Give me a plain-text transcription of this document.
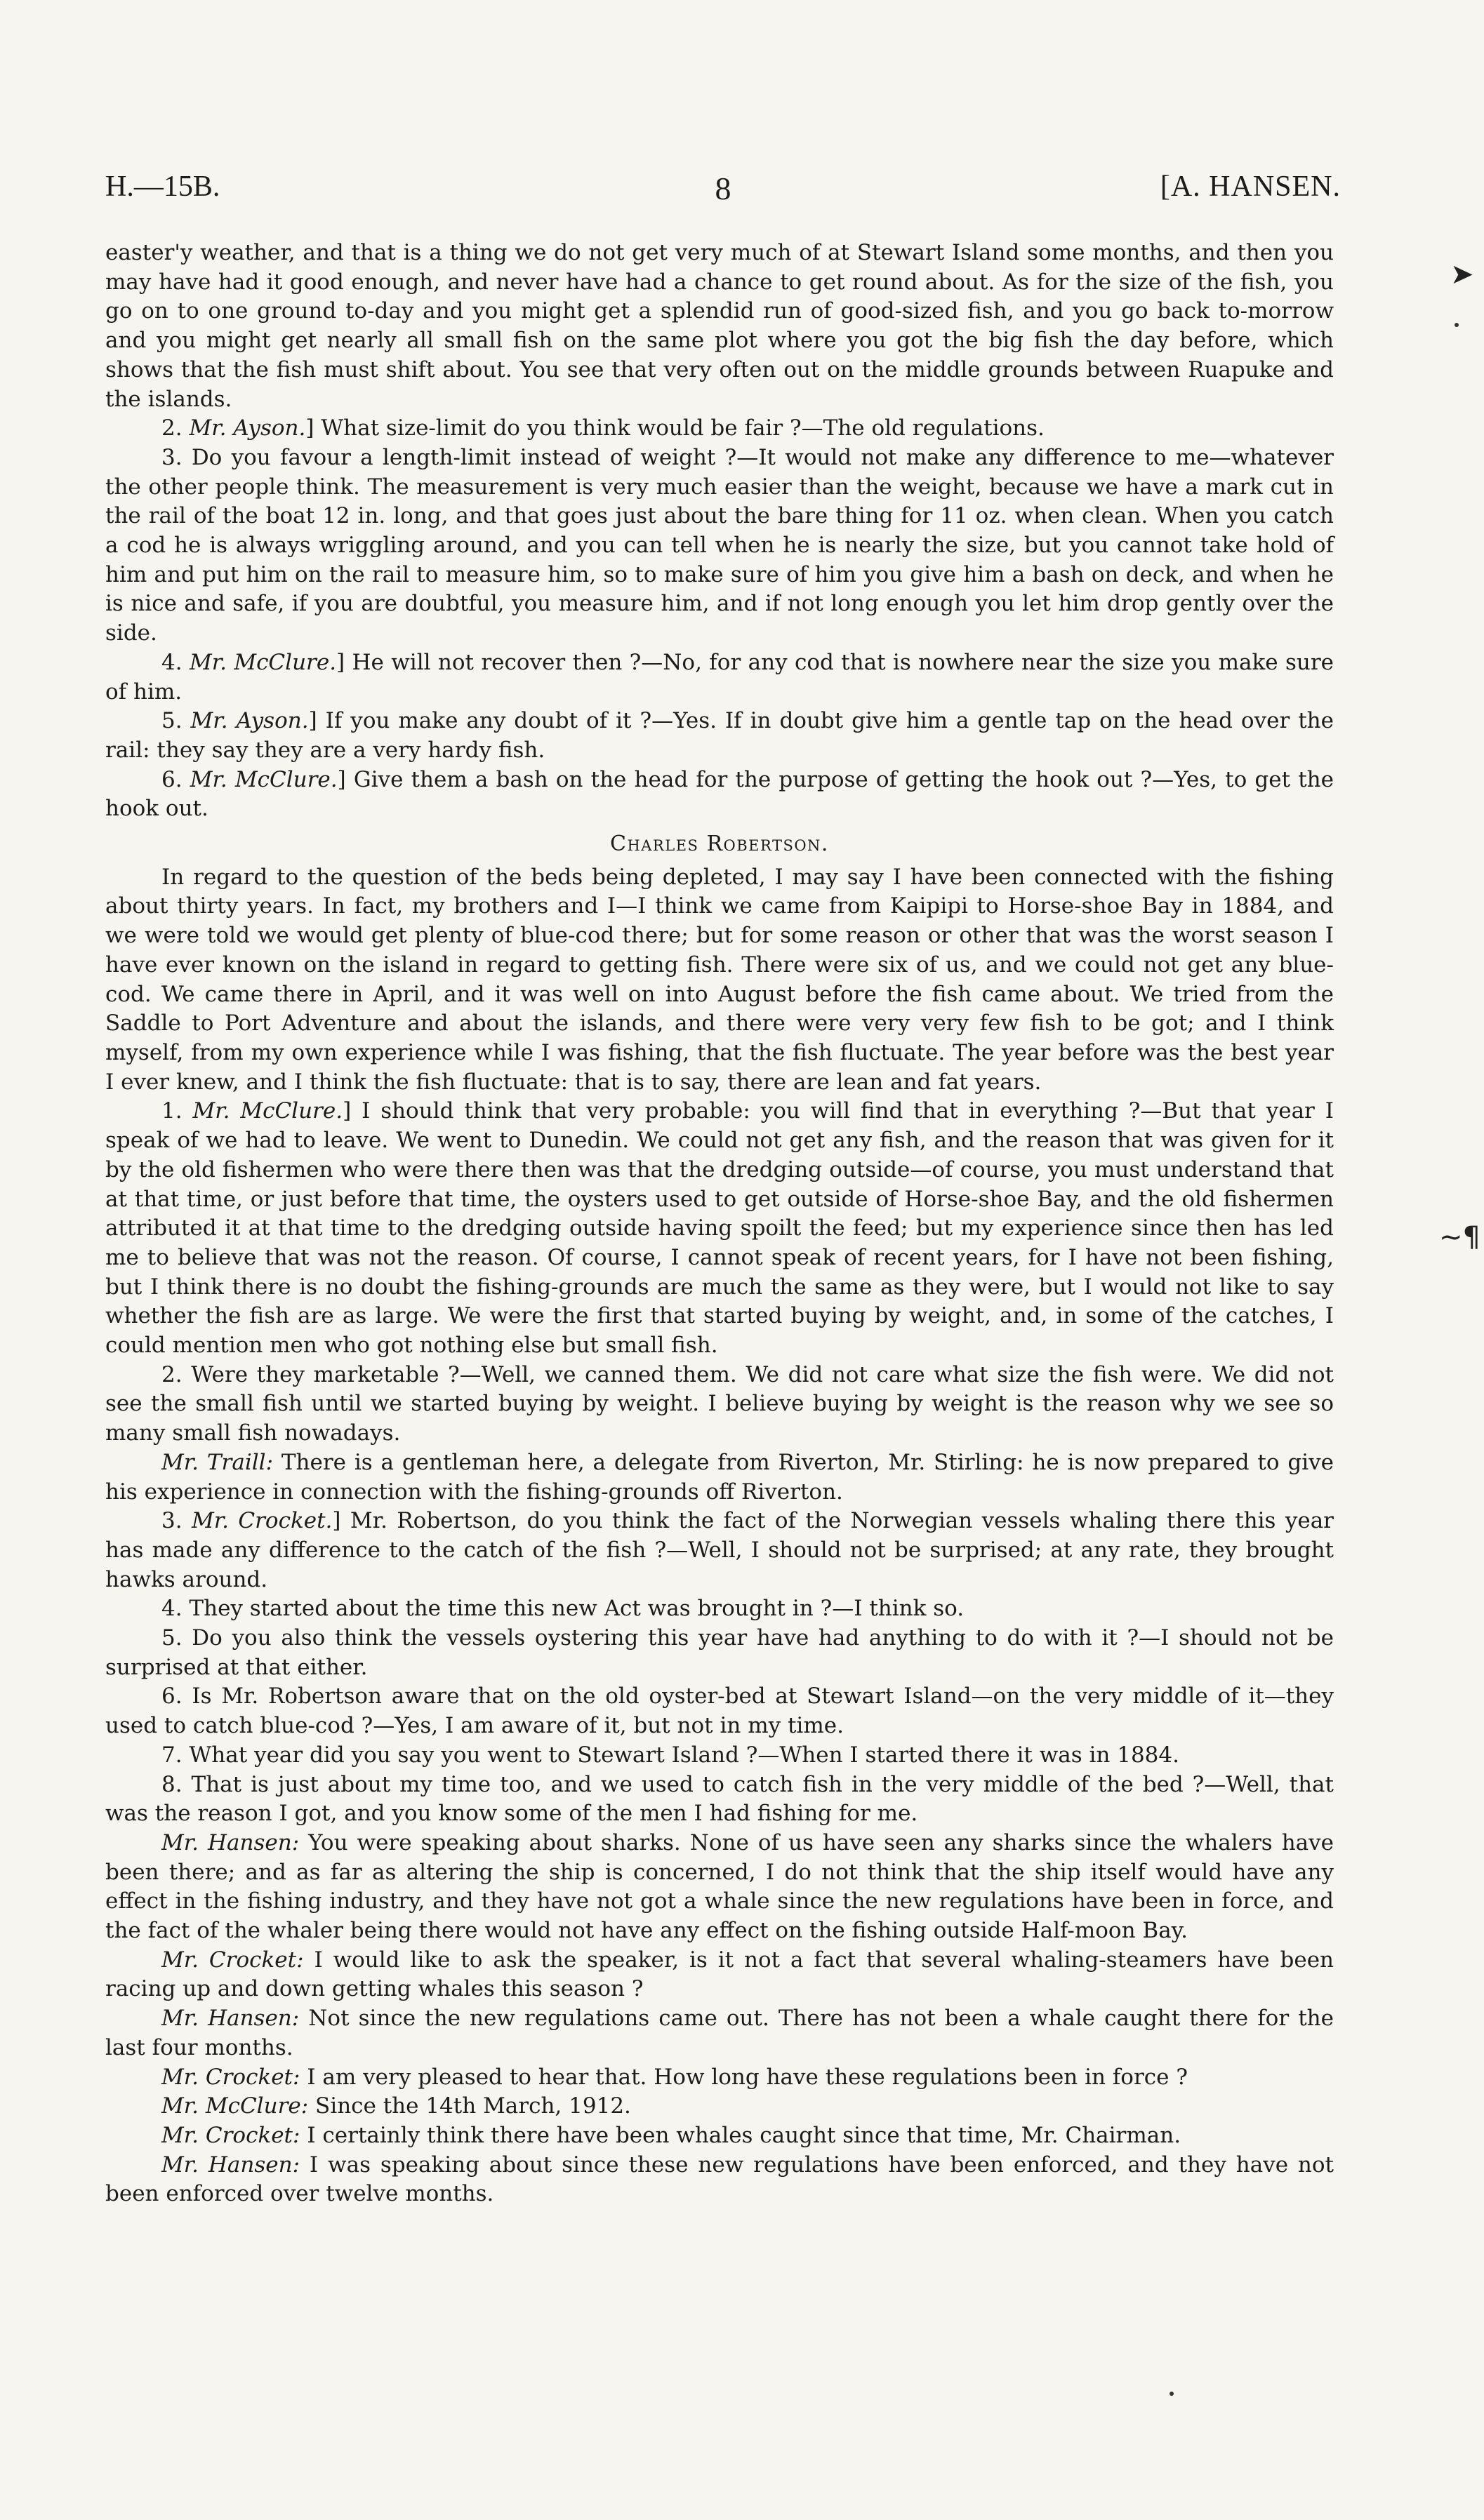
H.—15B.	8	[A. HANSEN.
➤
~¶

easter'y weather, and that is a thing we do not get very much of at Stewart Island some months, and then you may have had it good enough, and never have had a chance to get round about. As for the size of the fish, you go on to one ground to-day and you might get a splendid run of good-sized fish, and you go back to-morrow and you might get nearly all small fish on the same plot where you got the big fish the day before, which shows that the fish must shift about. You see that very often out on the middle grounds between Ruapuke and the islands.

2. Mr. Ayson.] What size-limit do you think would be fair ?—The old regulations.

3. Do you favour a length-limit instead of weight ?—It would not make any difference to me—whatever the other people think. The measurement is very much easier than the weight, because we have a mark cut in the rail of the boat 12 in. long, and that goes just about the bare thing for 11 oz. when clean. When you catch a cod he is always wriggling around, and you can tell when he is nearly the size, but you cannot take hold of him and put him on the rail to measure him, so to make sure of him you give him a bash on deck, and when he is nice and safe, if you are doubtful, you measure him, and if not long enough you let him drop gently over the side.

4. Mr. McClure.] He will not recover then ?—No, for any cod that is nowhere near the size you make sure of him.

5. Mr. Ayson.] If you make any doubt of it ?—Yes. If in doubt give him a gentle tap on the head over the rail: they say they are a very hardy fish.

6. Mr. McClure.] Give them a bash on the head for the purpose of getting the hook out ?—Yes, to get the hook out.

Charles Robertson.

In regard to the question of the beds being depleted, I may say I have been connected with the fishing about thirty years. In fact, my brothers and I—I think we came from Kaipipi to Horse-shoe Bay in 1884, and we were told we would get plenty of blue-cod there; but for some reason or other that was the worst season I have ever known on the island in regard to getting fish. There were six of us, and we could not get any blue-cod. We came there in April, and it was well on into August before the fish came about. We tried from the Saddle to Port Adventure and about the islands, and there were very very few fish to be got; and I think myself, from my own experience while I was fishing, that the fish fluctuate. The year before was the best year I ever knew, and I think the fish fluctuate: that is to say, there are lean and fat years.

1. Mr. McClure.] I should think that very probable: you will find that in everything ?—But that year I speak of we had to leave. We went to Dunedin. We could not get any fish, and the reason that was given for it by the old fishermen who were there then was that the dredging outside—of course, you must understand that at that time, or just before that time, the oysters used to get outside of Horse-shoe Bay, and the old fishermen attributed it at that time to the dredging outside having spoilt the feed; but my experience since then has led me to believe that was not the reason. Of course, I cannot speak of recent years, for I have not been fishing, but I think there is no doubt the fishing-grounds are much the same as they were, but I would not like to say whether the fish are as large. We were the first that started buying by weight, and, in some of the catches, I could mention men who got nothing else but small fish.

2. Were they marketable ?—Well, we canned them. We did not care what size the fish were. We did not see the small fish until we started buying by weight. I believe buying by weight is the reason why we see so many small fish nowadays.

Mr. Traill: There is a gentleman here, a delegate from Riverton, Mr. Stirling: he is now prepared to give his experience in connection with the fishing-grounds off Riverton.

3. Mr. Crocket.] Mr. Robertson, do you think the fact of the Norwegian vessels whaling there this year has made any difference to the catch of the fish ?—Well, I should not be surprised; at any rate, they brought hawks around.

4. They started about the time this new Act was brought in ?—I think so.

5. Do you also think the vessels oystering this year have had anything to do with it ?—I should not be surprised at that either.

6. Is Mr. Robertson aware that on the old oyster-bed at Stewart Island—on the very middle of it—they used to catch blue-cod ?—Yes, I am aware of it, but not in my time.

7. What year did you say you went to Stewart Island ?—When I started there it was in 1884.

8. That is just about my time too, and we used to catch fish in the very middle of the bed ?—Well, that was the reason I got, and you know some of the men I had fishing for me.

Mr. Hansen: You were speaking about sharks. None of us have seen any sharks since the whalers have been there; and as far as altering the ship is concerned, I do not think that the ship itself would have any effect in the fishing industry, and they have not got a whale since the new regulations have been in force, and the fact of the whaler being there would not have any effect on the fishing outside Half-moon Bay.

Mr. Crocket: I would like to ask the speaker, is it not a fact that several whaling-steamers have been racing up and down getting whales this season ?

Mr. Hansen: Not since the new regulations came out. There has not been a whale caught there for the last four months.

Mr. Crocket: I am very pleased to hear that. How long have these regulations been in force ?

Mr. McClure: Since the 14th March, 1912.

Mr. Crocket: I certainly think there have been whales caught since that time, Mr. Chairman.

Mr. Hansen: I was speaking about since these new regulations have been enforced, and they have not been enforced over twelve months.
